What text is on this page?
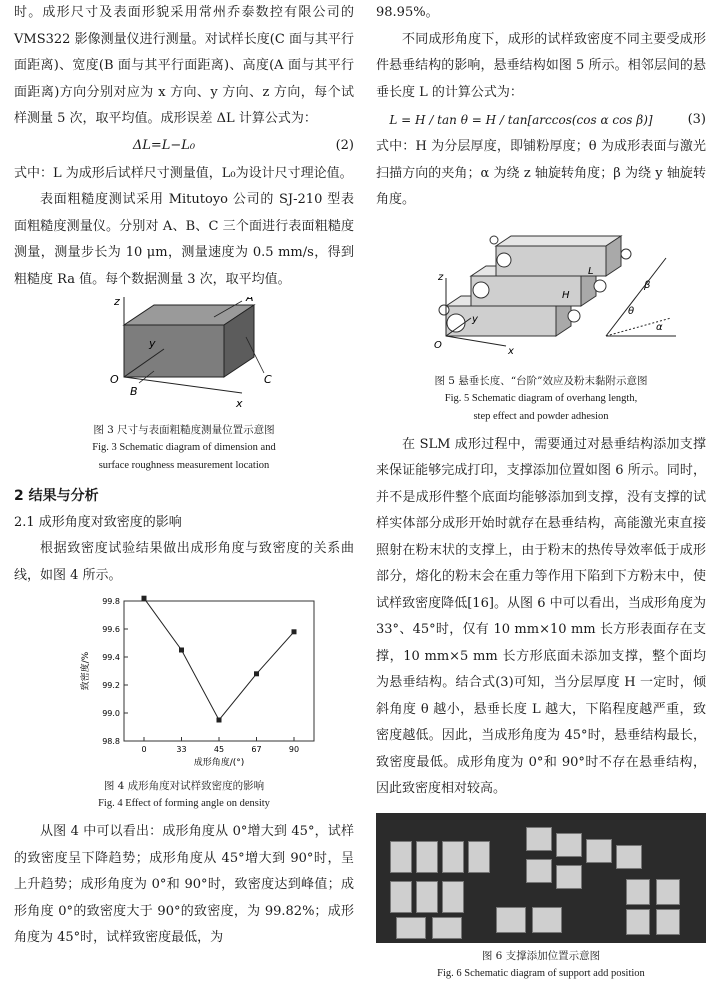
时。成形尺寸及表面形貌采用常州乔泰数控有限公司的 VMS322 影像测量仪进行测量。对试样长度(C 面与其平行面距离)、宽度(B 面与其平行面距离)、高度(A 面与其平行面距离)方向分别对应为 x 方向、y 方向、z 方向，每个试样测量 5 次，取平均值。成形误差 ΔL 计算公式为：

ΔL=L−L₀	(2)

式中：L 为成形后试样尺寸测量值，L₀为设计尺寸理论值。

表面粗糙度测试采用 Mitutoyo 公司的 SJ-210 型表面粗糙度测量仪。分别对 A、B、C 三个面进行表面粗糙度测量，测量步长为 10 μm，测量速度为 0.5 mm/s，得到粗糙度 Ra 值。每个数据测量 3 次，取平均值。

z
y
x
O
A
B
C
图 3 尺寸与表面粗糙度测量位置示意图
Fig. 3 Schematic diagram of dimension and
surface roughness measurement location
2 结果与分析
2.1 成形角度对致密度的影响

根据致密度试验结果做出成形角度与致密度的关系曲线，如图 4 所示。

99.8
99.6
99.4
99.2
99.0
98.8
0	33	45	67	90
成形角度/(°)
致密度/%
图 4 成形角度对试样致密度的影响
Fig. 4 Effect of forming angle on density

从图 4 中可以看出：成形角度从 0°增大到 45°，试样的致密度呈下降趋势；成形角度从 45°增大到 90°时，呈上升趋势；成形角度为 0°和 90°时，致密度达到峰值；成形角度 0°的致密度大于 90°的致密度，为 99.82%；成形角度为 45°时，试样致密度最低，为

98.95%。

不同成形角度下，成形的试样致密度不同主要受成形件悬垂结构的影响，悬垂结构如图 5 所示。相邻层间的悬垂长度 L 的计算公式为：

L = H / tan θ = H / tan[arccos(cos α cos β)]	(3)

式中：H 为分层厚度，即铺粉厚度；θ 为成形表面与激光扫描方向的夹角；α 为绕 z 轴旋转角度；β 为绕 y 轴旋转角度。

z
y
x
O
L
H
α
β
θ
图 5 悬垂长度、“台阶”效应及粉末黏附示意图
Fig. 5 Schematic diagram of overhang length,
step effect and powder adhesion

在 SLM 成形过程中，需要通过对悬垂结构添加支撑来保证能够完成打印，支撑添加位置如图 6 所示。同时，并不是成形件整个底面均能够添加到支撑，没有支撑的试样实体部分成形开始时就存在悬垂结构，高能激光束直接照射在粉末状的支撑上，由于粉末的热传导效率低于成形部分，熔化的粉末会在重力等作用下陷到下方粉末中，使试样致密度降低[16]。从图 6 中可以看出，当成形角度为 33°、45°时，仅有 10 mm×10 mm 长方形表面存在支撑，10 mm×5 mm 长方形底面未添加支撑，整个面均为悬垂结构。结合式(3)可知，当分层厚度 H 一定时，倾斜角度 θ 越小，悬垂长度 L 越大，下陷程度越严重，致密度越低。因此，当成形角度为 45°时，悬垂结构最长，致密度最低。成形角度为 0°和 90°时不存在悬垂结构，因此致密度相对较高。

图 6 支撑添加位置示意图
Fig. 6 Schematic diagram of support add position
